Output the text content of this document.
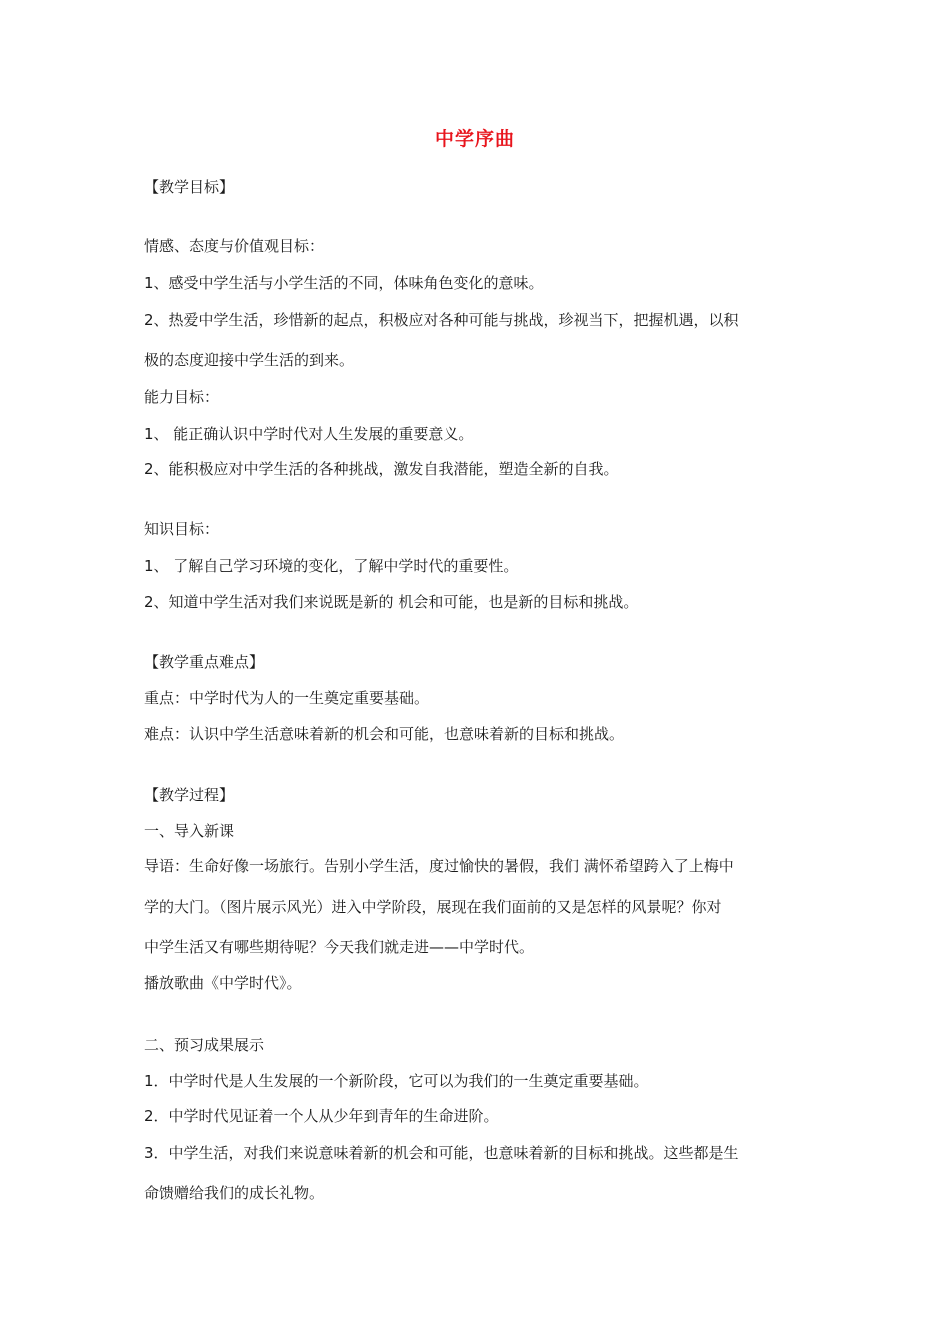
中学序曲
【教学目标】
情感、态度与价值观目标：
1、感受中学生活与小学生活的不同，体味角色变化的意味。
2、热爱中学生活，珍惜新的起点，积极应对各种可能与挑战，珍视当下，把握机遇，以积
极的态度迎接中学生活的到来。
能力目标：
1、 能正确认识中学时代对人生发展的重要意义。
2、能积极应对中学生活的各种挑战，激发自我潜能，塑造全新的自我。
知识目标：
1、 了解自己学习环境的变化，了解中学时代的重要性。
2、知道中学生活对我们来说既是新的 机会和可能，也是新的目标和挑战。
【教学重点难点】
重点：中学时代为人的一生奠定重要基础。
难点：认识中学生活意味着新的机会和可能，也意味着新的目标和挑战。
【教学过程】
一、导入新课
导语：生命好像一场旅行。告别小学生活，度过愉快的暑假，我们 满怀希望跨入了上梅中
学的大门。（图片展示风光）进入中学阶段，展现在我们面前的又是怎样的风景呢？你对
中学生活又有哪些期待呢？今天我们就走进——中学时代。
播放歌曲《中学时代》。
二、预习成果展示
1．中学时代是人生发展的一个新阶段，它可以为我们的一生奠定重要基础。
2．中学时代见证着一个人从少年到青年的生命进阶。
3．中学生活，对我们来说意味着新的机会和可能，也意味着新的目标和挑战。这些都是生
命馈赠给我们的成长礼物。
